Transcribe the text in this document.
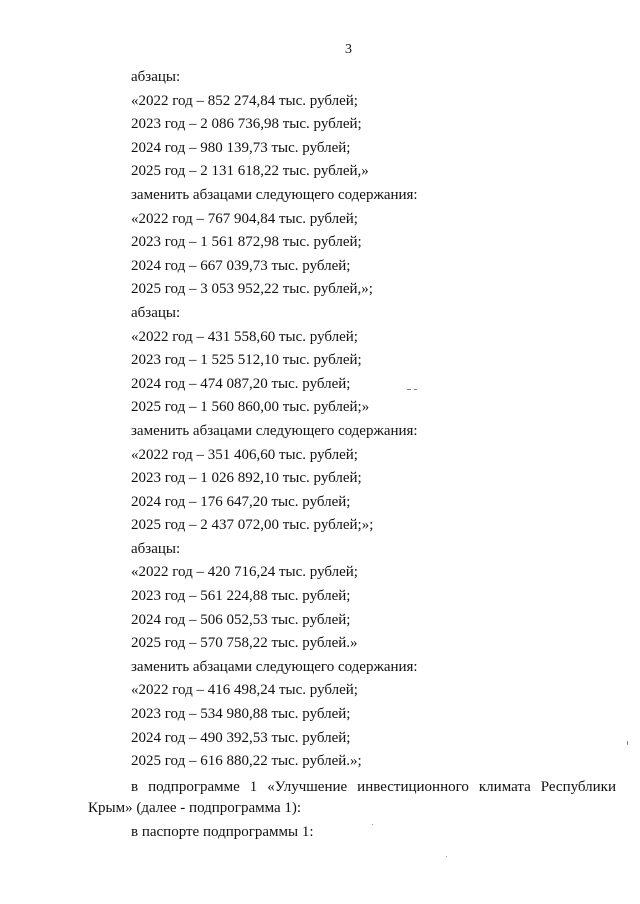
3
абзацы:
«2022 год – 852 274,84 тыс. рублей;
2023 год – 2 086 736,98 тыс. рублей;
2024 год – 980 139,73 тыс. рублей;
2025 год – 2 131 618,22 тыс. рублей,»
заменить абзацами следующего содержания:
«2022 год – 767 904,84 тыс. рублей;
2023 год – 1 561 872,98 тыс. рублей;
2024 год – 667 039,73 тыс. рублей;
2025 год – 3 053 952,22 тыс. рублей,»;
абзацы:
«2022 год – 431 558,60 тыс. рублей;
2023 год – 1 525 512,10 тыс. рублей;
2024 год – 474 087,20 тыс. рублей;
2025 год – 1 560 860,00 тыс. рублей;»
заменить абзацами следующего содержания:
«2022 год – 351 406,60 тыс. рублей;
2023 год – 1 026 892,10 тыс. рублей;
2024 год – 176 647,20 тыс. рублей;
2025 год – 2 437 072,00 тыс. рублей;»;
абзацы:
«2022 год – 420 716,24 тыс. рублей;
2023 год – 561 224,88 тыс. рублей;
2024 год – 506 052,53 тыс. рублей;
2025 год – 570 758,22 тыс. рублей.»
заменить абзацами следующего содержания:
«2022 год – 416 498,24 тыс. рублей;
2023 год – 534 980,88 тыс. рублей;
2024 год – 490 392,53 тыс. рублей;
2025 год – 616 880,22 тыс. рублей.»;
в подпрограмме 1 «Улучшение инвестиционного климата Республики Крым» (далее - подпрограмма 1):
в паспорте подпрограммы 1:
